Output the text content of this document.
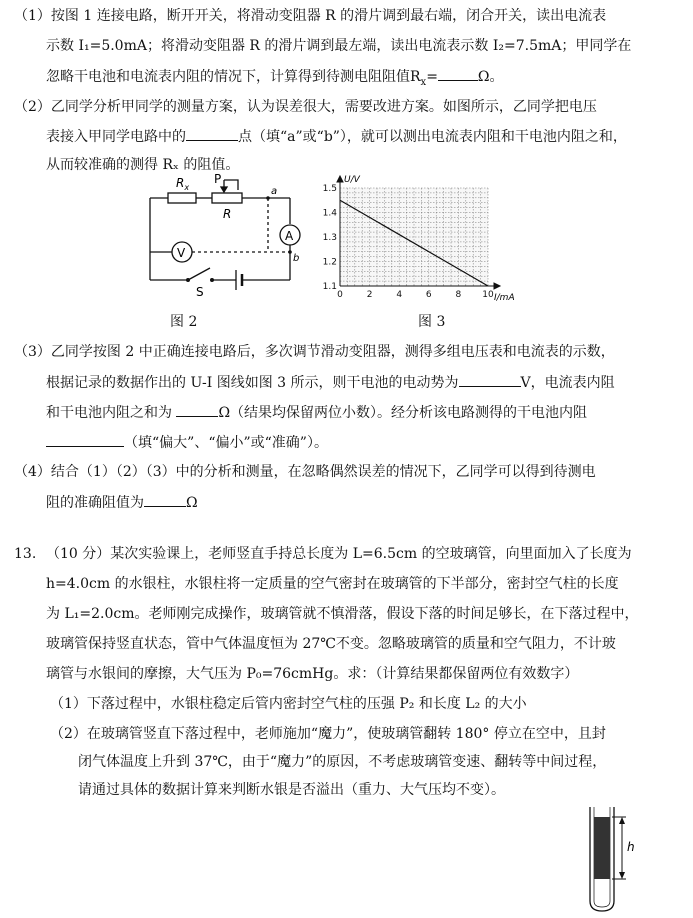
（1）按图 1 连接电路，断开开关，将滑动变阻器 R 的滑片调到最右端，闭合开关，读出电流表
示数 I₁=5.0mA；将滑动变阻器 R 的滑片调到最左端，读出电流表示数 I₂=7.5mA；甲同学在
忽略干电池和电流表内阻的情况下，计算得到待测电阻阻值$R_x=$	Ω。
（2）乙同学分析甲同学的测量方案，认为误差很大，需要改进方案。如图所示，乙同学把电压
表接入甲同学电路中的	点（填“a”或“b”），就可以测出电流表内阻和干电池内阻之和，
从而较准确的测得 Rₓ 的阻值。
$R_x$
P
R
a
b
A
V
S
图 2
0	2	4	6	8 10
1.1
1.2
1.3
1.4
1.5
U/V
I/mA
图 3
（3）乙同学按图 2 中正确连接电路后，多次调节滑动变阻器，测得多组电压表和电流表的示数，
根据记录的数据作出的 U-I 图线如图 3 所示，则干电池的电动势为	V，电流表内阻
和干电池内阻之和为	Ω（结果均保留两位小数）。经分析该电路测得的干电池内阻
（填“偏大”、“偏小”或“准确”）。
（4）结合（1）（2）（3）中的分析和测量，在忽略偶然误差的情况下，乙同学可以得到待测电
阻的准确阻值为	Ω
13. （10 分）某次实验课上，老师竖直手持总长度为 L=6.5cm 的空玻璃管，向里面加入了长度为
h=4.0cm 的水银柱，水银柱将一定质量的空气密封在玻璃管的下半部分，密封空气柱的长度
为 L₁=2.0cm。老师刚完成操作，玻璃管就不慎滑落，假设下落的时间足够长，在下落过程中，
玻璃管保持竖直状态，管中气体温度恒为 27℃不变。忽略玻璃管的质量和空气阻力，不计玻
璃管与水银间的摩擦，大气压为 P₀=76cmHg。求：（计算结果都保留两位有效数字）
（1）下落过程中，水银柱稳定后管内密封空气柱的压强 P₂ 和长度 L₂ 的大小
（2）在玻璃管竖直下落过程中，老师施加“魔力”，使玻璃管翻转 180° 停立在空中，且封
闭气体温度上升到 37℃，由于“魔力”的原因，不考虑玻璃管变速、翻转等中间过程，
请通过具体的数据计算来判断水银是否溢出（重力、大气压均不变）。
h
